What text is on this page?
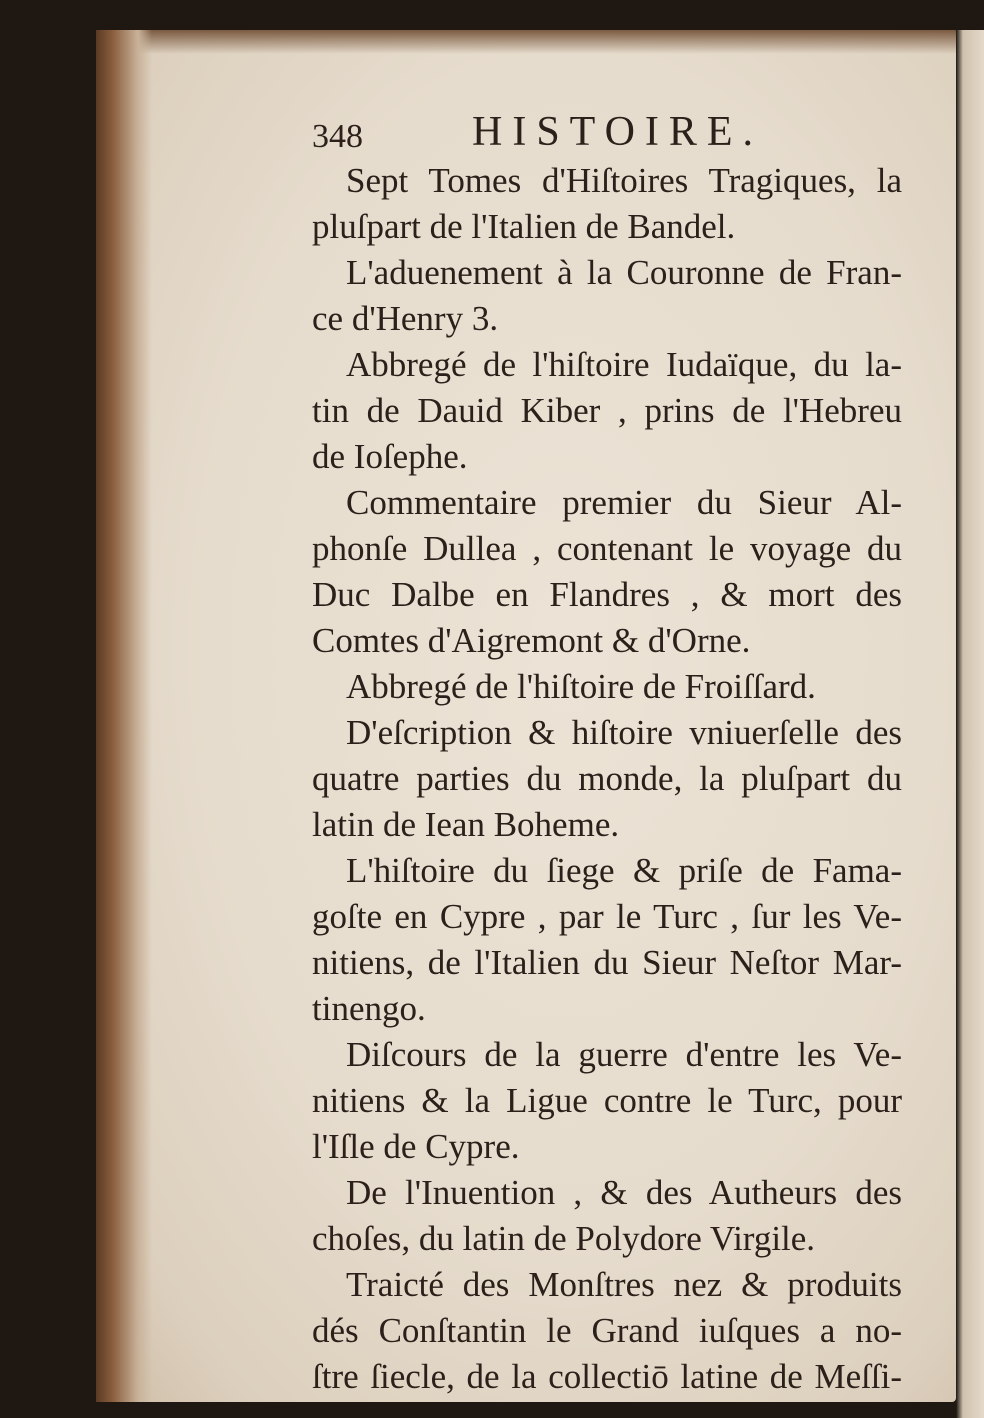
348	HISTOIRE.
Sept Tomes d'Hiſtoires Tragiques, la
pluſpart de l'Italien de Bandel.
L'aduenement à la Couronne de Fran-
ce d'Henry 3.
Abbregé de l'hiſtoire Iudaïque, du la-
tin de Dauid Kiber , prins de l'Hebreu
de Ioſephe.
Commentaire premier du Sieur Al-
phonſe Dullea , contenant le voyage du
Duc Dalbe en Flandres , & mort des
Comtes d'Aigremont & d'Orne.
Abbregé de l'hiſtoire de Froiſſard.
D'eſcription & hiſtoire vniuerſelle des
quatre parties du monde, la pluſpart du
latin de Iean Boheme.
L'hiſtoire du ſiege & priſe de Fama-
goſte en Cypre , par le Turc , ſur les Ve-
nitiens, de l'Italien du Sieur Neſtor Mar-
tinengo.
Diſcours de la guerre d'entre les Ve-
nitiens & la Ligue contre le Turc, pour
l'Iſle de Cypre.
De l'Inuention , & des Autheurs des
choſes, du latin de Polydore Virgile.
Traicté des Monſtres nez & produits
dés Conſtantin le Grand iuſques a no-
ſtre ſiecle, de la collectiō latine de Meſſi-
